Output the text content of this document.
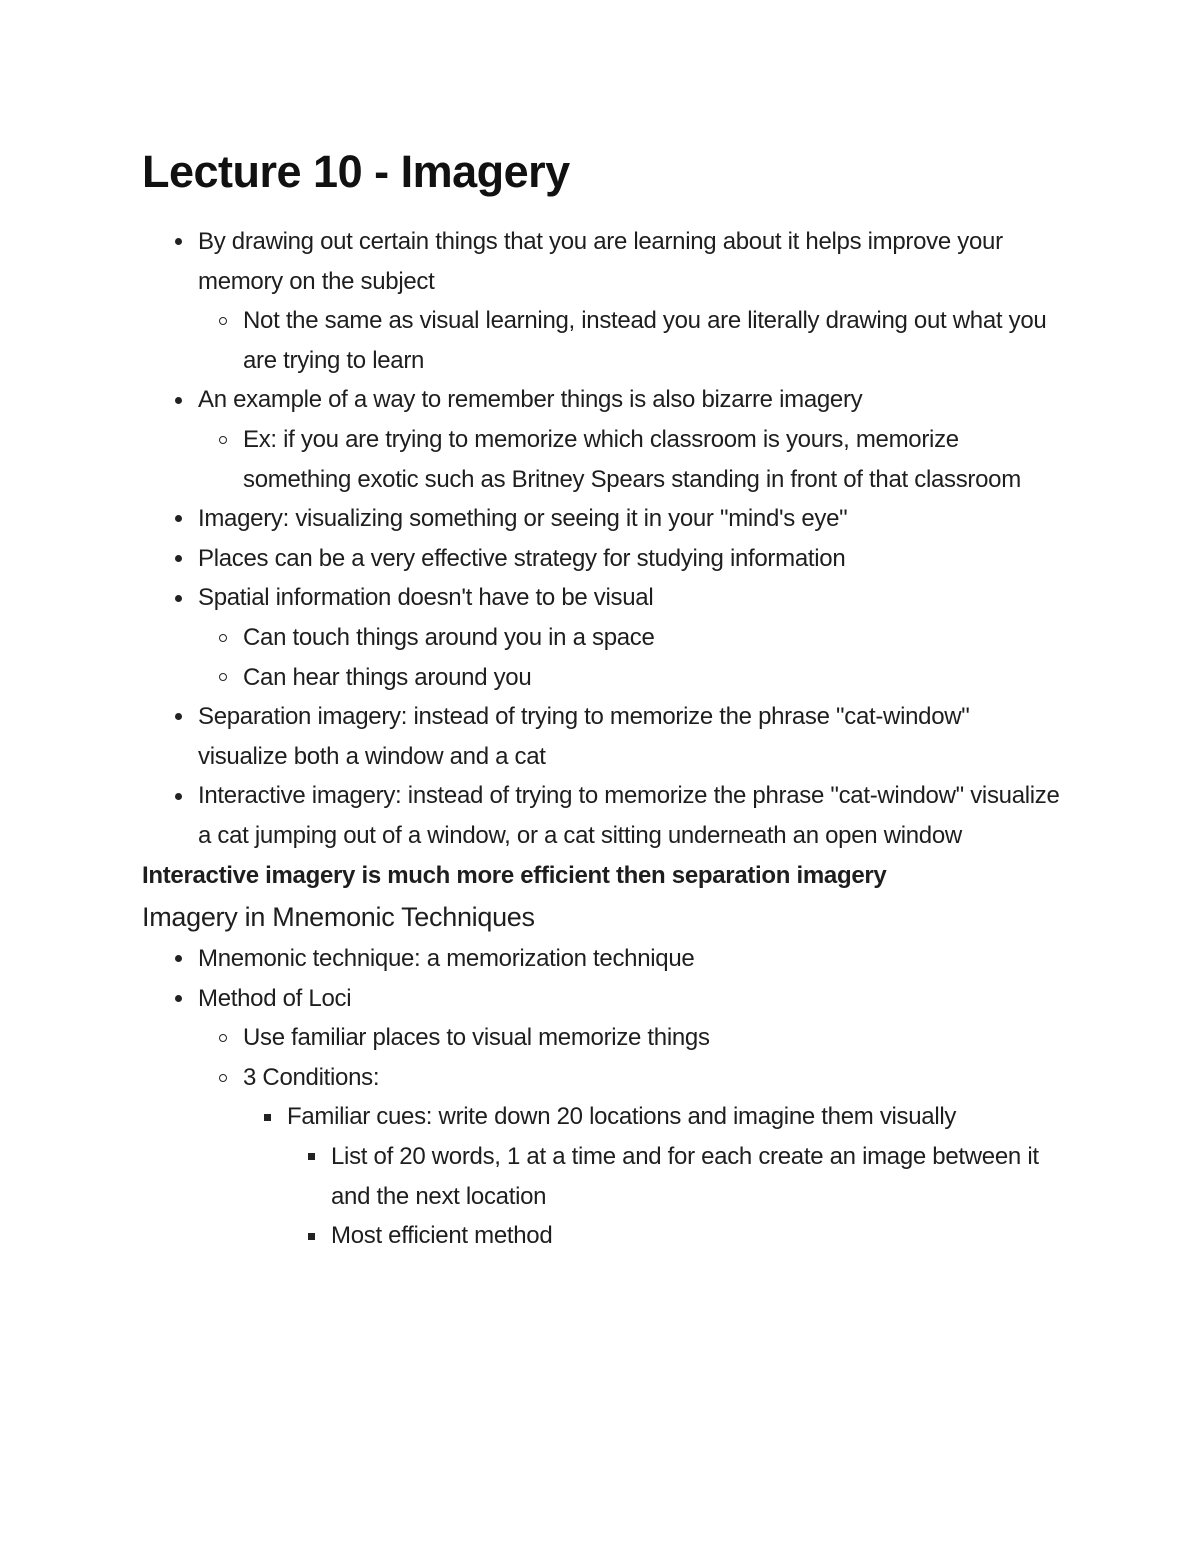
Lecture 10 - Imagery
By drawing out certain things that you are learning about it helps improve your memory on the subject
Not the same as visual learning, instead you are literally drawing out what you are trying to learn
An example of a way to remember things is also bizarre imagery
Ex: if you are trying to memorize which classroom is yours, memorize something exotic such as Britney Spears standing in front of that classroom
Imagery: visualizing something or seeing it in your "mind's eye"
Places can be a very effective strategy for studying information
Spatial information doesn't have to be visual
Can touch things around you in a space
Can hear things around you
Separation imagery: instead of trying to memorize the phrase "cat-window" visualize both a window and a cat
Interactive imagery: instead of trying to memorize the phrase "cat-window" visualize a cat jumping out of a window, or a cat sitting underneath an open window
Interactive imagery is much more efficient then separation imagery
Imagery in Mnemonic Techniques
Mnemonic technique: a memorization technique
Method of Loci
Use familiar places to visual memorize things
3 Conditions:
Familiar cues: write down 20 locations and imagine them visually
List of 20 words, 1 at a time and for each create an image between it and the next location
Most efficient method
